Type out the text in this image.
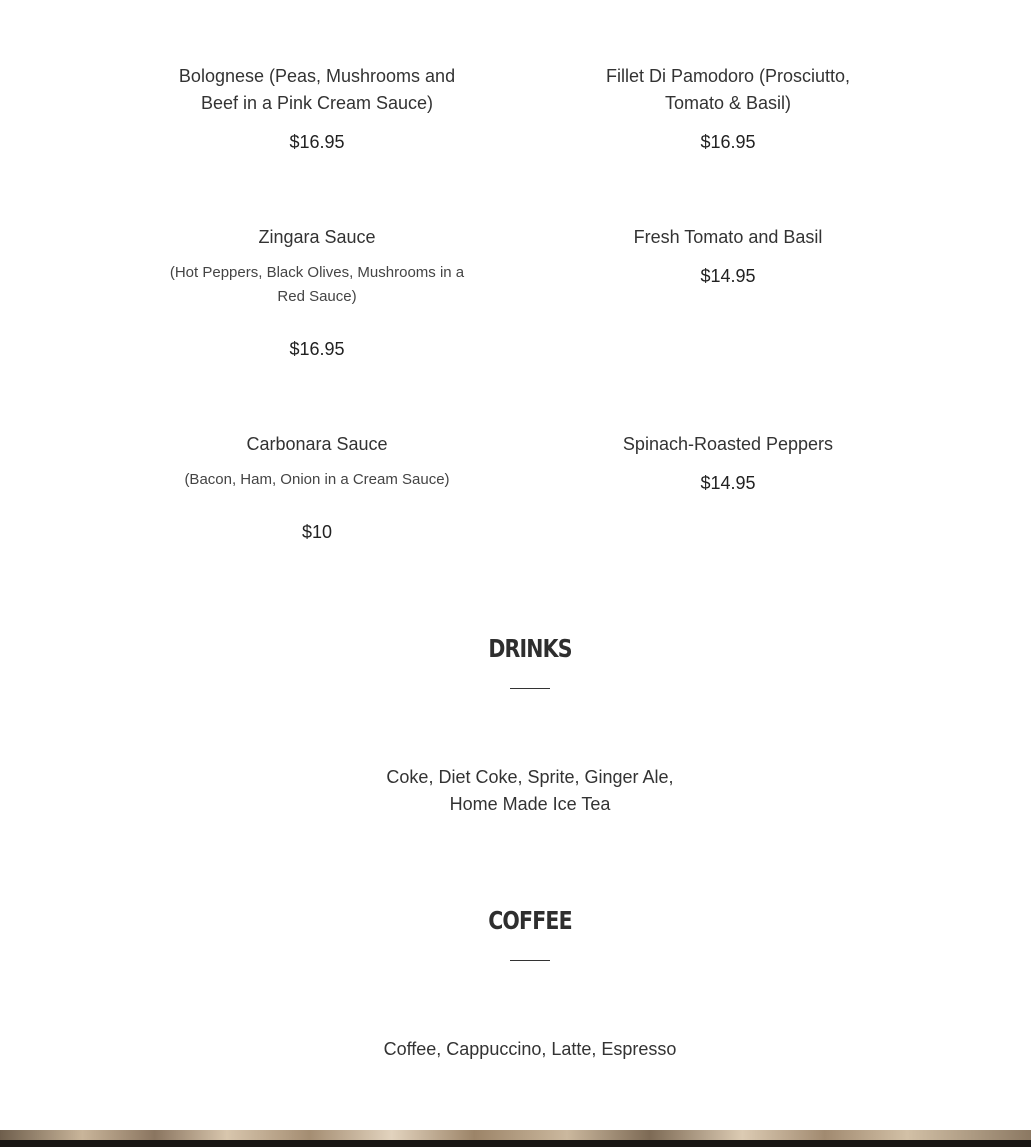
Bolognese (Peas, Mushrooms and Beef in a Pink Cream Sauce)

$16.95

Fillet Di Pamodoro (Prosciutto, Tomato & Basil)

$16.95

Zingara Sauce

(Hot Peppers, Black Olives, Mushrooms in a Red Sauce)

$16.95

Fresh Tomato and Basil

$14.95

Carbonara Sauce

(Bacon, Ham, Onion in a Cream Sauce)

$10

Spinach-Roasted Peppers

$14.95
DRINKS

Coke, Diet Coke, Sprite, Ginger Ale, Home Made Ice Tea

COFFEE

Coffee, Cappuccino, Latte, Espresso
